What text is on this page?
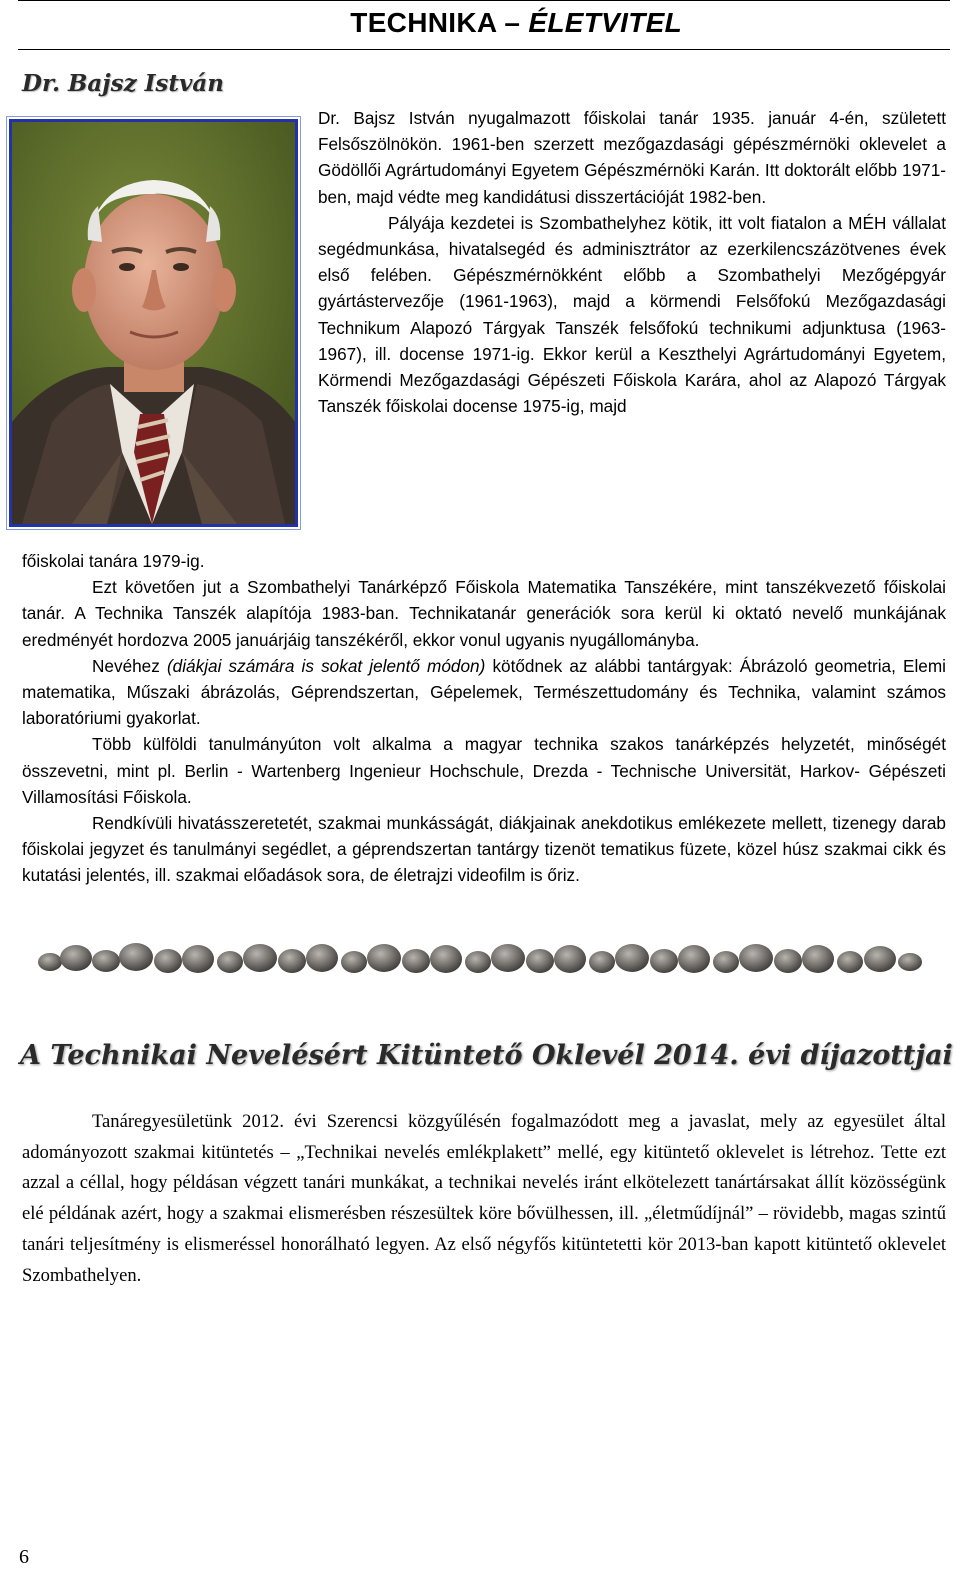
TECHNIKA – ÉLETVITEL
Dr. Bajsz István

Dr. Bajsz István nyugalmazott főiskolai tanár 1935. január 4-én, született Felsőszölnökön. 1961-ben szerzett mezőgazdasági gépészmérnöki oklevelet a Gödöllői Agrártudományi Egyetem Gépészmérnöki Karán. Itt doktorált előbb 1971-ben, majd védte meg kandidátusi disszertációját 1982-ben.

Pályája kezdetei is Szombathelyhez kötik, itt volt fiatalon a MÉH vállalat segédmunkása, hivatalsegéd és adminisztrátor az ezerkilencszázötvenes évek első felében. Gépészmérnökként előbb a Szombathelyi Mezőgépgyár gyártástervezője (1961-1963), majd a körmendi Felsőfokú Mezőgazdasági Technikum Alapozó Tárgyak Tanszék felsőfokú technikumi adjunktusa (1963-1967), ill. docense 1971-ig. Ekkor kerül a Keszthelyi Agrártudományi Egyetem, Körmendi Mezőgazdasági Gépészeti Főiskola Karára, ahol az Alapozó Tárgyak Tanszék főiskolai docense 1975-ig, majd

főiskolai tanára 1979-ig.

Ezt követően jut a Szombathelyi Tanárképző Főiskola Matematika Tanszékére, mint tanszékvezető főiskolai tanár. A Technika Tanszék alapítója 1983-ban. Technikatanár generációk sora kerül ki oktató nevelő munkájának eredményét hordozva 2005 januárjáig tanszékéről, ekkor vonul ugyanis nyugállományba.

Nevéhez (diákjai számára is sokat jelentő módon) kötődnek az alábbi tantárgyak: Ábrázoló geometria, Elemi matematika, Műszaki ábrázolás, Géprendszertan, Gépelemek, Természettudomány és Technika, valamint számos laboratóriumi gyakorlat.

Több külföldi tanulmányúton volt alkalma a magyar technika szakos tanárképzés helyzetét, minőségét összevetni, mint pl. Berlin - Wartenberg Ingenieur Hochschule, Drezda - Technische Universität, Harkov- Gépészeti Villamosítási Főiskola.

Rendkívüli hivatásszeretetét, szakmai munkásságát, diákjainak anekdotikus emlékezete mellett, tizenegy darab főiskolai jegyzet és tanulmányi segédlet, a géprendszertan tantárgy tizenöt tematikus füzete, közel húsz szakmai cikk és kutatási jelentés, ill. szakmai előadások sora, de életrajzi videofilm is őriz.

A Technikai Nevelésért Kitüntető Oklevél 2014. évi díjazottjai

Tanáregyesületünk 2012. évi Szerencsi közgyűlésén fogalmazódott meg a javaslat, mely az egyesület által adományozott szakmai kitüntetés – „Technikai nevelés emlékplakett” mellé, egy kitüntető oklevelet is létrehoz. Tette ezt azzal a céllal, hogy példásan végzett tanári munkákat, a technikai nevelés iránt elkötelezett tanártársakat állít közösségünk elé példának azért, hogy a szakmai elismerésben részesültek köre bővülhessen, ill. „életműdíjnál” – rövidebb, magas szintű tanári teljesítmény is elismeréssel honorálható legyen. Az első négyfős kitüntetetti kör 2013-ban kapott kitüntető oklevelet Szombathelyen.

6
